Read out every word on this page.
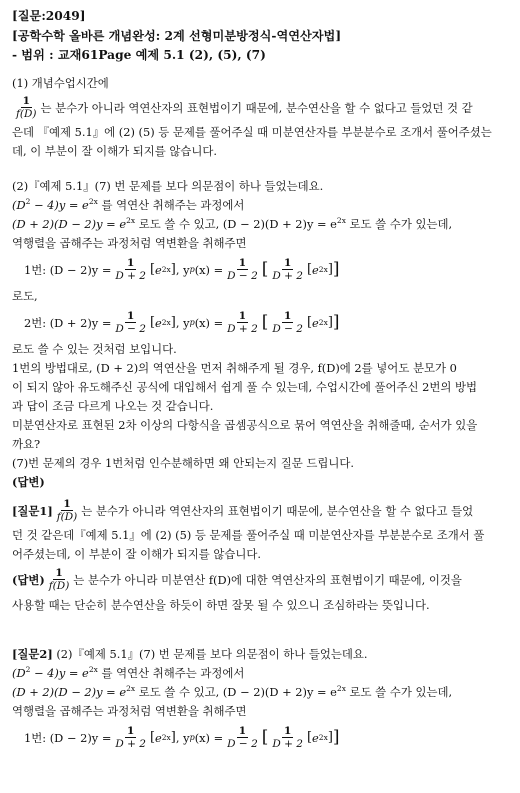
[질문:2049]
[공학수학 올바른 개념완성: 2계 선형미분방정식-역연산자법]
- 범위 : 교재61Page 예제 5.1 (2), (5), (7)
(1) 개념수업시간에
$\frac{1}{f(D)}$ 는 분수가 아니라 역연산자의 표현법이기 때문에, 분수연산을 할 수 없다고 들었던 것 같
은데 『예제 5.1』에 (2) (5) 등 문제를 풀어주실 때 미분연산자를 부분분수로 조개서 풀어주셨는
데, 이 부분이 잘 이해가 되지를 않습니다.
(2)『예제 5.1』(7) 번 문제를 보다 의문점이 하나 들었는데요.
$(D^2 - 4)y = e^{2x}$ 를 역연산 취해주는 과정에서
$(D + 2)(D - 2)y = e^{2x}$ 로도 쓸 수 있고, $(D - 2)(D + 2)y = e^{2x}$ 로도 쓸 수가 있는데,
역행렬을 곱해주는 과정처럼 역변환을 취해주면
1번: $(D - 2)y = \frac{1}{D + 2}$ [ e 2x ] , y p $(x) = \frac{1}{D - 2}$ [ $\frac{1}{D + 2}$ [ e 2x ] ]
로도,
2번: $(D + 2)y = \frac{1}{D - 2}$ [ e 2x ] , y p $(x) = \frac{1}{D + 2}$ [ $\frac{1}{D - 2}$ [ e 2x ] ]
로도 쓸 수 있는 것처럼 보입니다.
1번의 방법대로, (D + 2)의 역연산을 먼저 취해주게 될 경우, f(D)에 2를 넣어도 분모가 0
이 되지 않아 유도해주신 공식에 대입해서 쉽게 풀 수 있는데, 수업시간에 풀어주신 2번의 방법
과 답이 조금 다르게 나오는 것 같습니다.
미분연산자로 표현된 2차 이상의 다항식을 곱셈공식으로 묶어 역연산을 취해줄때, 순서가 있을
까요?
(7)번 문제의 경우 1번처럼 인수분해하면 왜 안되는지 질문 드립니다.
(답변)
[질문$1] \frac{1}{f(D)}$ 는 분수가 아니라 역연산자의 표현법이기 때문에, 분수연산을 할 수 없다고 들었
던 것 같은데『예제 5.1』에 (2) (5) 등 문제를 풀어주실 때 미분연산자를 부분분수로 조개서 풀
어주셨는데, 이 부분이 잘 이해가 되지를 않습니다.
(답변) $\frac{1}{f(D)}$ 는 분수가 아니라 미분연산 f(D)에 대한 역연산자의 표현법이기 때문에, 이것을
사용할 때는 단순히 분수연산을 하듯이 하면 잘못 될 수 있으니 조심하라는 뜻입니다.
[질문2] (2)『예제 5.1』(7) 번 문제를 보다 의문점이 하나 들었는데요.
$(D^2 - 4)y = e^{2x}$ 를 역연산 취해주는 과정에서
$(D + 2)(D - 2)y = e^{2x}$ 로도 쓸 수 있고, $(D - 2)(D + 2)y = e^{2x}$ 로도 쓸 수가 있는데,
역행렬을 곱해주는 과정처럼 역변환을 취해주면
1번: $(D - 2)y = \frac{1}{D + 2}$ [ e 2x ] , y p $(x) = \frac{1}{D - 2}$ [ $\frac{1}{D + 2}$ [ e 2x ] ]
